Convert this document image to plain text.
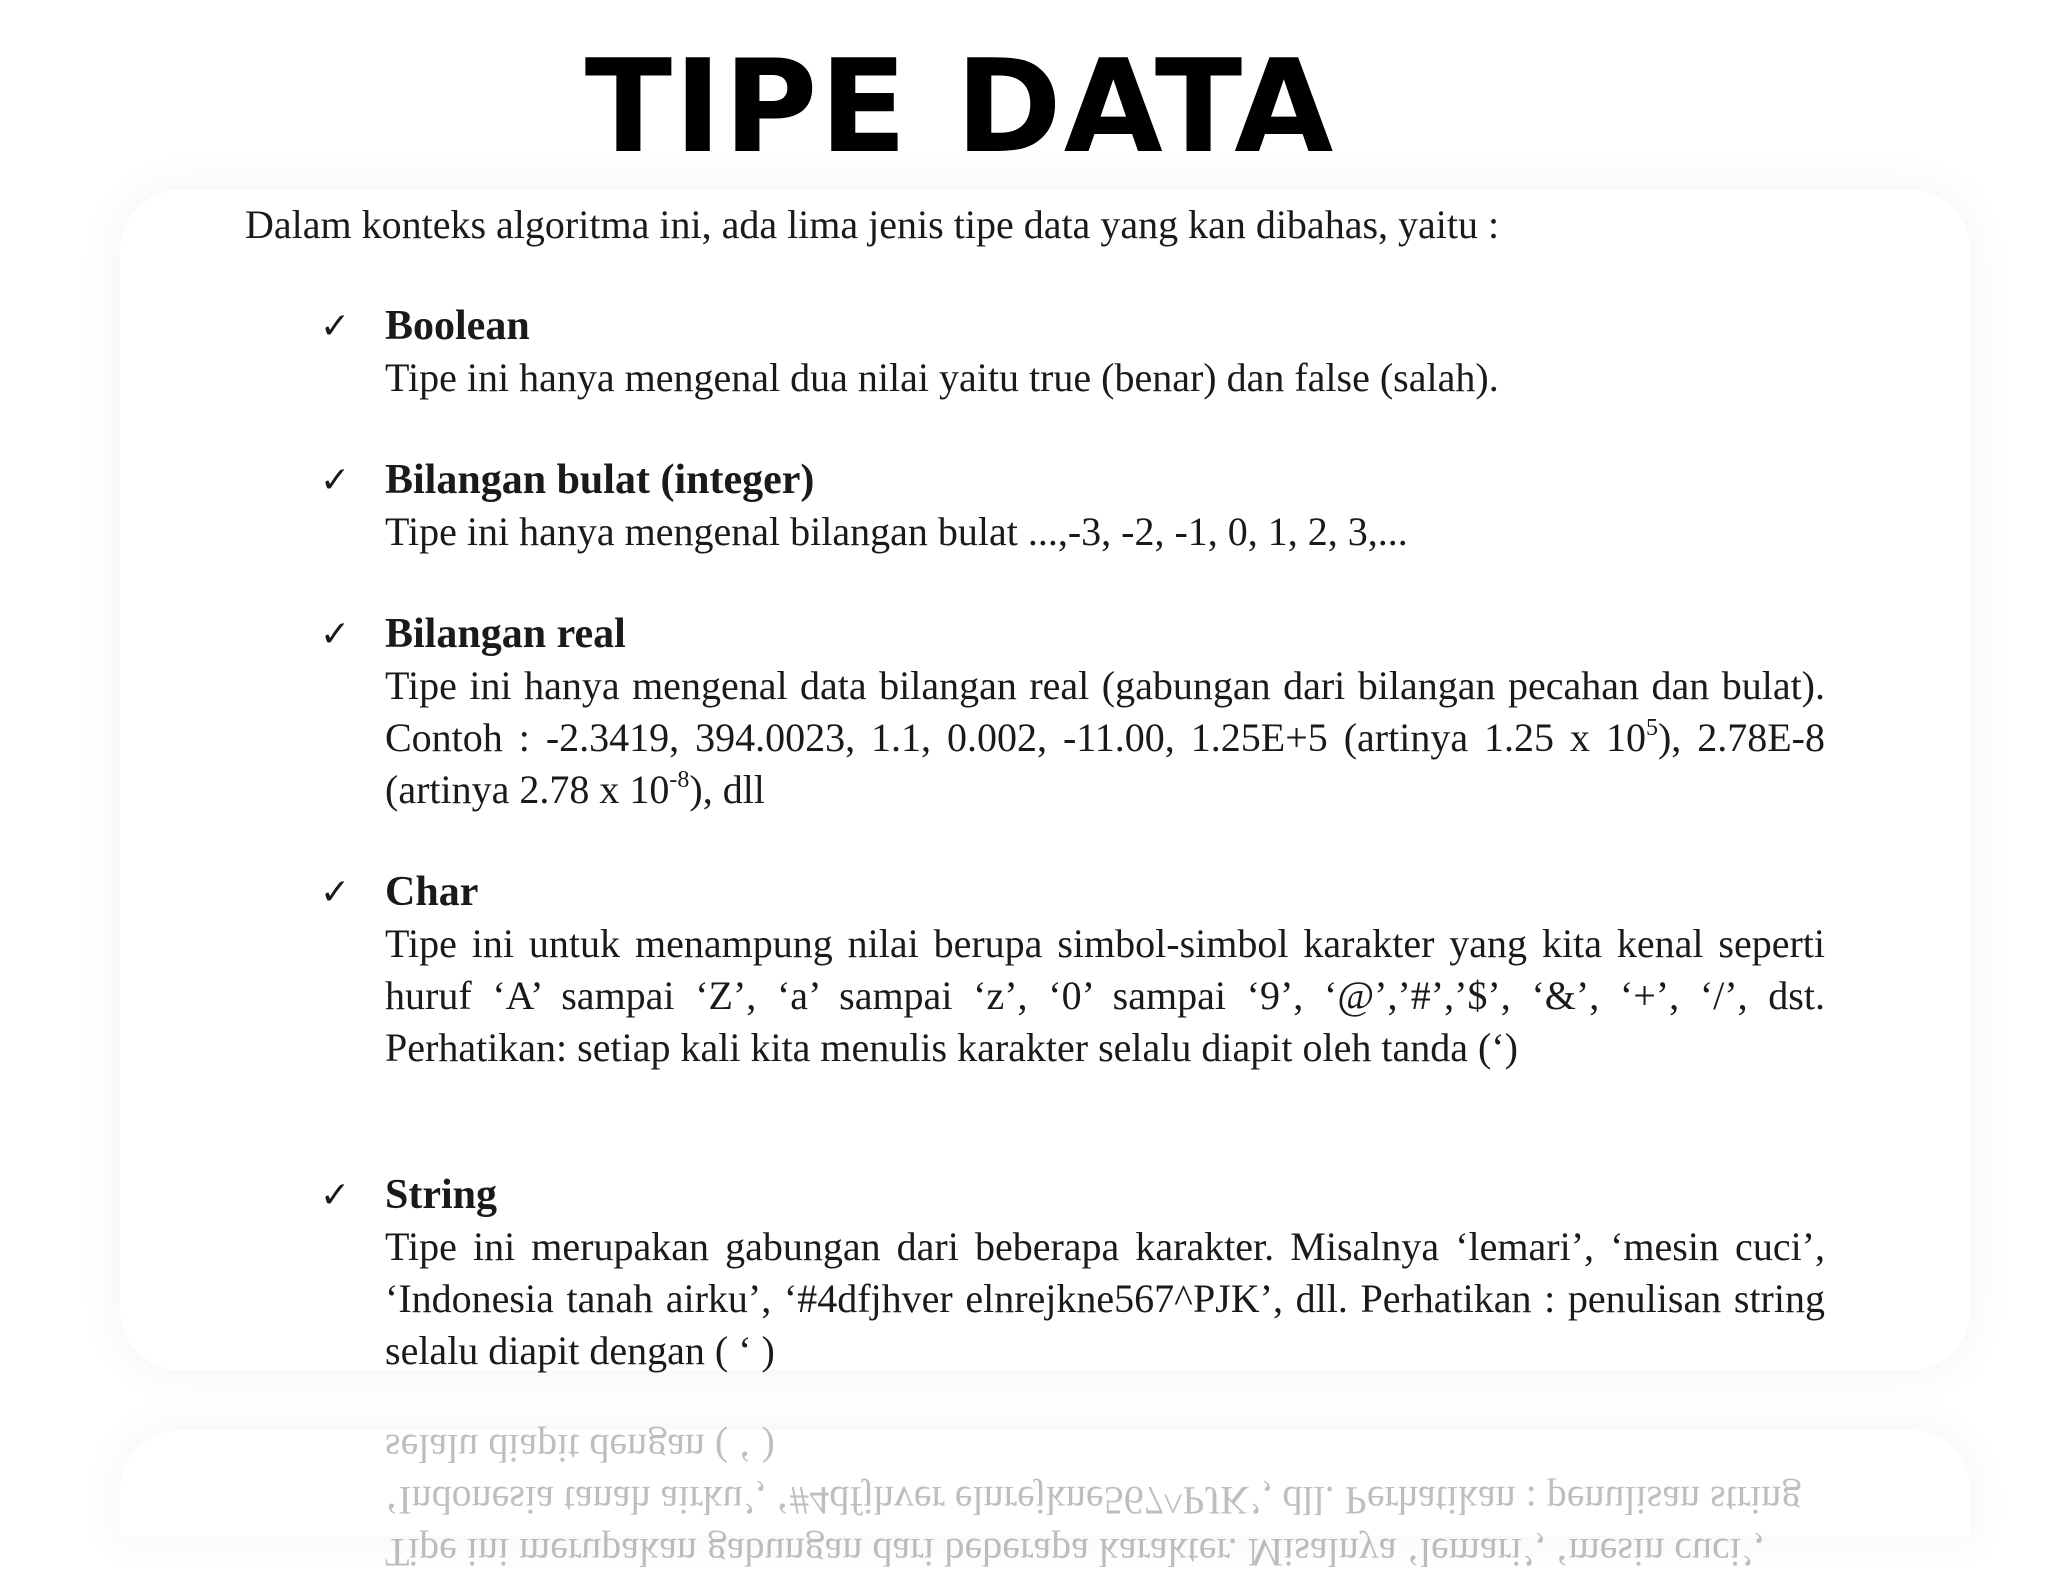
TIPE DATA

Dalam konteks algoritma ini, ada lima jenis tipe data yang kan dibahas, yaitu :

✓ Boolean

Tipe ini hanya mengenal dua nilai yaitu true (benar) dan false (salah).

✓ Bilangan bulat (integer)

Tipe ini hanya mengenal bilangan bulat ...,-3, -2, -1, 0, 1, 2, 3,...

✓ Bilangan real

Tipe ini hanya mengenal data bilangan real (gabungan dari bilangan pecahan dan bulat). Contoh : -2.3419, 394.0023, 1.1, 0.002, -11.00, 1.25E+5 (artinya 1.25 x $10^5$), 2.78E-8 (artinya 2.78 x $10^{-8}$), dll

✓ Char

Tipe ini untuk menampung nilai berupa simbol-simbol karakter yang kita kenal seperti huruf ‘A’ sampai ‘Z’, ‘a’ sampai ‘z’, ‘0’ sampai ‘9’, ‘@’,’#’,’$’, ‘&’, ‘+’, ‘/’, dst. Perhatikan: setiap kali kita menulis karakter selalu diapit oleh tanda (‘)

✓ String

Tipe ini merupakan gabungan dari beberapa karakter. Misalnya ‘lemari’, ‘mesin cuci’, ‘Indonesia tanah airku’, ‘#4dfjhver elnrejkne567^PJK’, dll. Perhatikan : penulisan string selalu diapit dengan ( ‘ )

Tipe ini merupakan gabungan dari beberapa karakter. Misalnya ‘lemari’, ‘mesin cuci’, ‘Indonesia tanah airku’, ‘#4dfjhver elnrejkne567^PJK’, dll. Perhatikan : penulisan string selalu diapit dengan ( ‘ )
